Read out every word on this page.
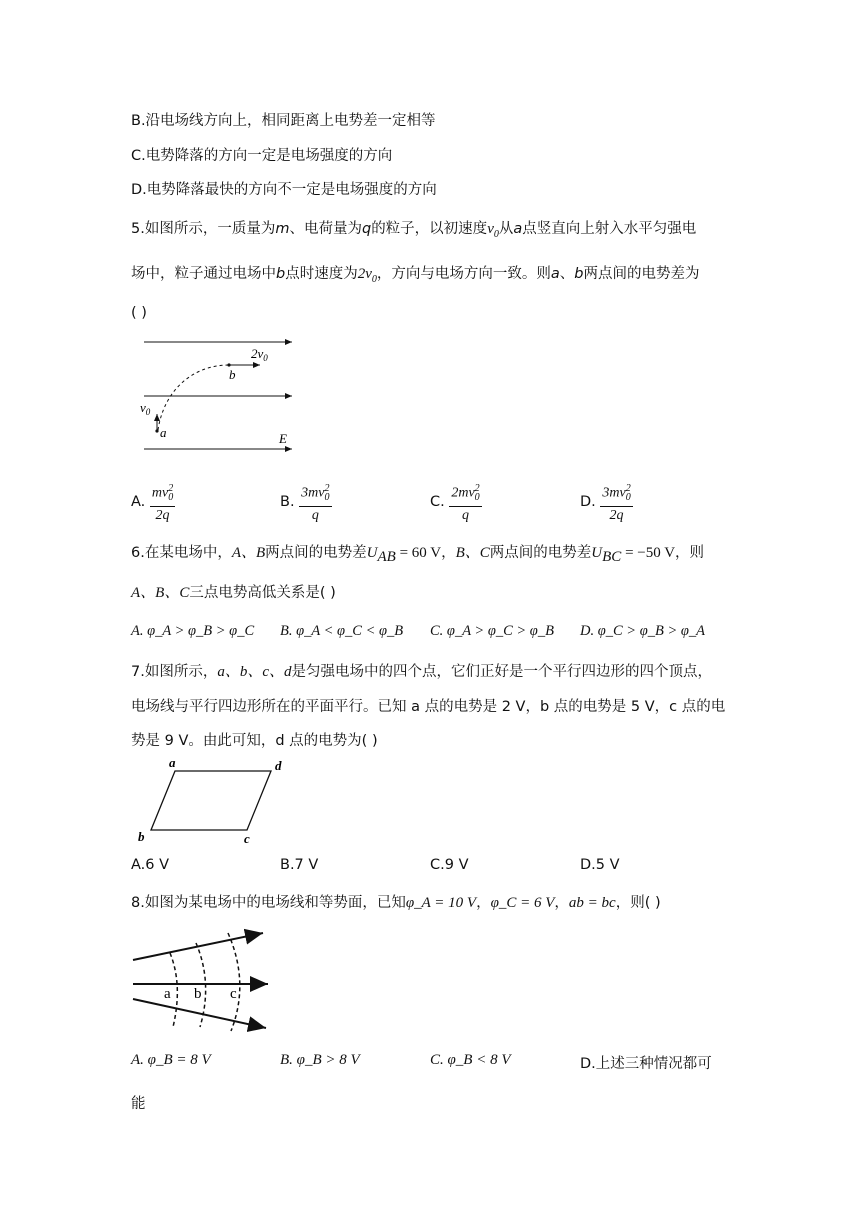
B.沿电场线方向上，相同距离上电势差一定相等
C.电势降落的方向一定是电场强度的方向
D.电势降落最快的方向不一定是电场强度的方向
5.如图所示，一质量为m、电荷量为q的粒子，以初速度$v_0$从a点竖直向上射入水平匀强电
场中，粒子通过电场中b点时速度为$2v_0$，方向与电场方向一致。则a、b两点间的电势差为
( )
$2v_0$
b
$v_0$
a	E
A. $\frac{mv^2_0}{2q}$	B. $\frac{3mv^2_0}{q}$	C. $\frac{2mv^2_0}{q}$	D. $\frac{3mv^2_0}{2q}$
6.在某电场中，A、B两点间的电势差$U_{AB} = 60$ V，B、C两点间的电势差$U_{BC} = -50$ V，则
A、B、C三点电势高低关系是( )
A. φ_A > φ_B > φ_C B. φ_A < φ_C < φ_B C. φ_A > φ_C > φ_B D. φ_C > φ_B > φ_A
7.如图所示，a、b、c、d是匀强电场中的四个点，它们正好是一个平行四边形的四个顶点，
电场线与平行四边形所在的平面平行。已知 a 点的电势是 2 V，b 点的电势是 5 V，c 点的电
势是 9 V。由此可知，d 点的电势为( )
a	d
b	c
A.6 V	B.7 V	C.9 V	D.5 V
8.如图为某电场中的电场线和等势面，已知φ_A = 10 V，φ_C = 6 V，ab = bc，则( )
a b c
A. φ_B = 8 V	B. φ_B > 8 V	C. φ_B < 8 V	D.上述三种情况都可
能
